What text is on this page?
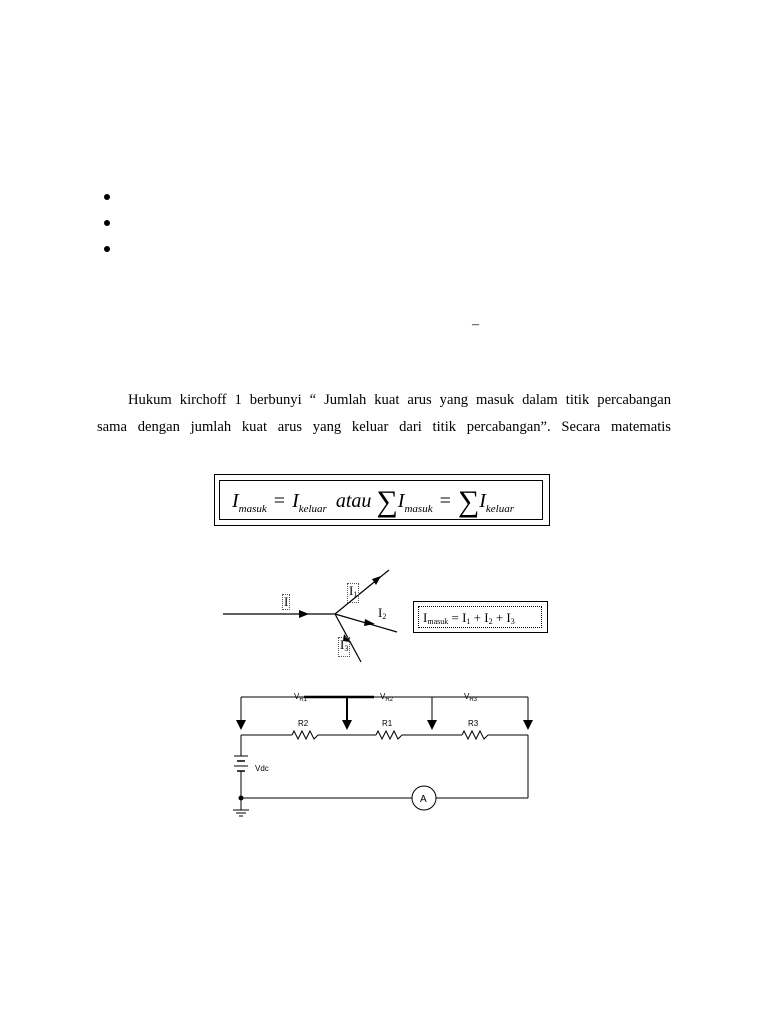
–
Hukum kirchoff 1 berbunyi “ Jumlah kuat arus yang masuk dalam titik percabangan
sama dengan jumlah kuat arus yang keluar dari titik percabangan”. Secara matematis
Imasuk = Ikeluar atau ∑Imasuk = ∑Ikeluar
I
I1
I2
I3
Imasuk = I1 + I2 + I3
$V_{R1}$	$V_{R2}$	$V_{R3}$
R2	R1	R3
Vdc
A
